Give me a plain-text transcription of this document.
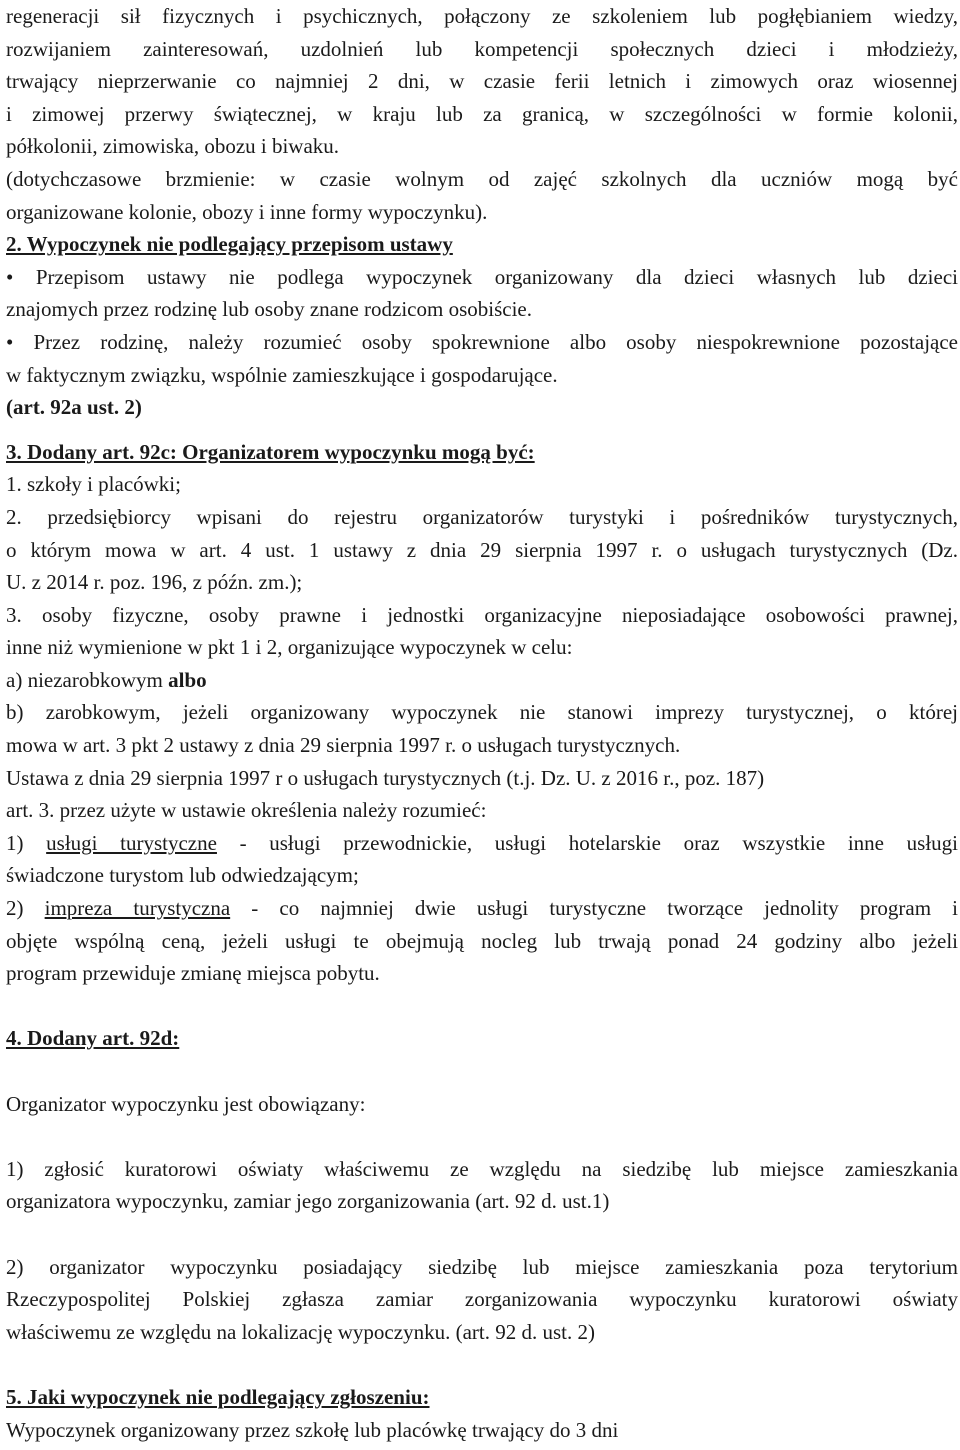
regeneracji sił fizycznych i psychicznych, połączony ze szkoleniem lub pogłębianiem wiedzy,
rozwijaniem zainteresowań, uzdolnień lub kompetencji społecznych dzieci i młodzieży,
trwający nieprzerwanie co najmniej 2 dni, w czasie ferii letnich i zimowych oraz wiosennej
i zimowej przerwy świątecznej, w kraju lub za granicą, w szczególności w formie kolonii,
półkolonii, zimowiska, obozu i biwaku.
(dotychczasowe brzmienie: w czasie wolnym od zajęć szkolnych dla uczniów mogą być
organizowane kolonie, obozy i inne formy wypoczynku).
2. Wypoczynek nie podlegający przepisom ustawy
• Przepisom ustawy nie podlega wypoczynek organizowany dla dzieci własnych lub dzieci
znajomych przez rodzinę lub osoby znane rodzicom osobiście.
• Przez rodzinę, należy rozumieć osoby spokrewnione albo osoby niespokrewnione pozostające
w faktycznym związku, wspólnie zamieszkujące i gospodarujące.
(art. 92a ust. 2)
3. Dodany art. 92c: Organizatorem wypoczynku mogą być:
1. szkoły i placówki;
2. przedsiębiorcy wpisani do rejestru organizatorów turystyki i pośredników turystycznych,
o którym mowa w art. 4 ust. 1 ustawy z dnia 29 sierpnia 1997 r. o usługach turystycznych (Dz.
U. z 2014 r. poz. 196, z późn. zm.);
3. osoby fizyczne, osoby prawne i jednostki organizacyjne nieposiadające osobowości prawnej,
inne niż wymienione w pkt 1 i 2, organizujące wypoczynek w celu:
a) niezarobkowym albo
b) zarobkowym, jeżeli organizowany wypoczynek nie stanowi imprezy turystycznej, o której
mowa w art. 3 pkt 2 ustawy z dnia 29 sierpnia 1997 r. o usługach turystycznych.
Ustawa z dnia 29 sierpnia 1997 r o usługach turystycznych (t.j. Dz. U. z 2016 r., poz. 187)
art. 3. przez użyte w ustawie określenia należy rozumieć:
1) usługi turystyczne - usługi przewodnickie, usługi hotelarskie oraz wszystkie inne usługi
świadczone turystom lub odwiedzającym;
2) impreza turystyczna - co najmniej dwie usługi turystyczne tworzące jednolity program i
objęte wspólną ceną, jeżeli usługi te obejmują nocleg lub trwają ponad 24 godziny albo jeżeli
program przewiduje zmianę miejsca pobytu.
4. Dodany art. 92d:
Organizator wypoczynku jest obowiązany:
1) zgłosić kuratorowi oświaty właściwemu ze względu na siedzibę lub miejsce zamieszkania
organizatora wypoczynku, zamiar jego zorganizowania (art. 92 d. ust.1)
2) organizator wypoczynku posiadający siedzibę lub miejsce zamieszkania poza terytorium
Rzeczypospolitej Polskiej zgłasza zamiar zorganizowania wypoczynku kuratorowi oświaty
właściwemu ze względu na lokalizację wypoczynku. (art. 92 d. ust. 2)
5. Jaki wypoczynek nie podlegający zgłoszeniu:
Wypoczynek organizowany przez szkołę lub placówkę trwający do 3 dni
